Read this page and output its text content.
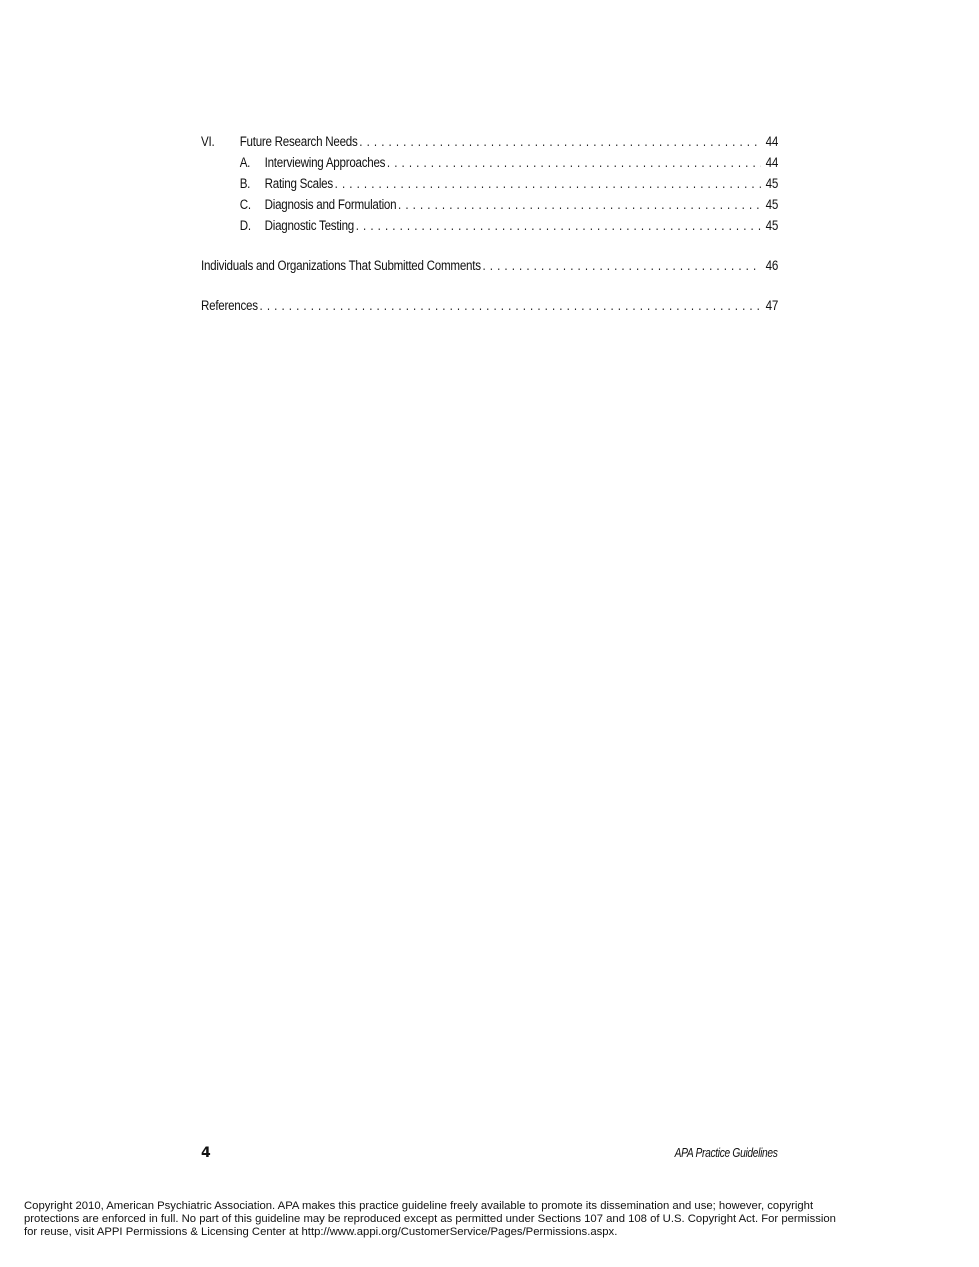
VI.	Future Research Needs . . .	44
A.	Interviewing Approaches . . .	44
B.	Rating Scales . . .	45
C.	Diagnosis and Formulation . . .	45
D.	Diagnostic Testing . . .	45
Individuals and Organizations That Submitted Comments . . .	46
References . . .	47
4	APA Practice Guidelines
Copyright 2010, American Psychiatric Association. APA makes this practice guideline freely available to promote its dissemination and use; however, copyright
protections are enforced in full. No part of this guideline may be reproduced except as permitted under Sections 107 and 108 of U.S. Copyright Act. For permission
for reuse, visit APPI Permissions & Licensing Center at http://www.appi.org/CustomerService/Pages/Permissions.aspx.
